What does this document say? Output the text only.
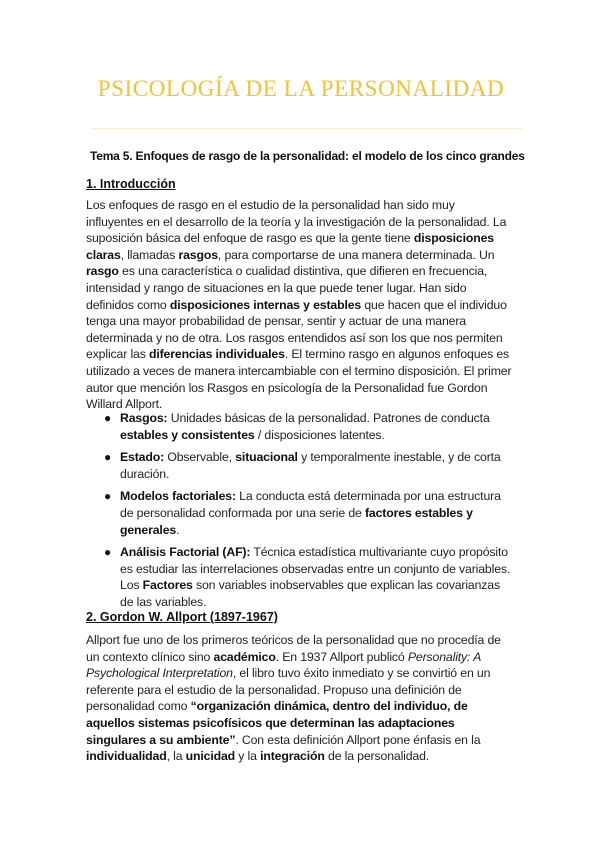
PSICOLOGÍA DE LA PERSONALIDAD
Tema 5. Enfoques de rasgo de la personalidad: el modelo de los cinco grandes
1. Introducción
Los enfoques de rasgo en el estudio de la personalidad han sido muy influyentes en el desarrollo de la teoría y la investigación de la personalidad. La suposición básica del enfoque de rasgo es que la gente tiene disposiciones claras, llamadas rasgos, para comportarse de una manera determinada. Un rasgo es una característica o cualidad distintiva, que difieren en frecuencia, intensidad y rango de situaciones en la que puede tener lugar. Han sido definidos como disposiciones internas y estables que hacen que el individuo tenga una mayor probabilidad de pensar, sentir y actuar de una manera determinada y no de otra. Los rasgos entendidos así son los que nos permiten explicar las diferencias individuales. El termino rasgo en algunos enfoques es utilizado a veces de manera intercambiable con el termino disposición. El primer autor que mención los Rasgos en psicología de la Personalidad fue Gordon Willard Allport.
● Rasgos: Unidades básicas de la personalidad. Patrones de conducta estables y consistentes / disposiciones latentes.
● Estado: Observable, situacional y temporalmente inestable, y de corta duración.
● Modelos factoriales: La conducta está determinada por una estructura de personalidad conformada por una serie de factores estables y generales.
● Análisis Factorial (AF): Técnica estadística multivariante cuyo propósito es estudiar las interrelaciones observadas entre un conjunto de variables. Los Factores son variables inobservables que explican las covarianzas de las variables.
2. Gordon W. Allport (1897-1967)
Allport fue uno de los primeros teóricos de la personalidad que no procedía de un contexto clínico sino académico. En 1937 Allport publicó Personality: A Psychological Interpretation, el libro tuvo éxito inmediato y se convirtió en un referente para el estudio de la personalidad. Propuso una definición de personalidad como “organización dinámica, dentro del individuo, de aquellos sistemas psicofísicos que determinan las adaptaciones singulares a su ambiente”. Con esta definición Allport pone énfasis en la individualidad, la unicidad y la integración de la personalidad.
